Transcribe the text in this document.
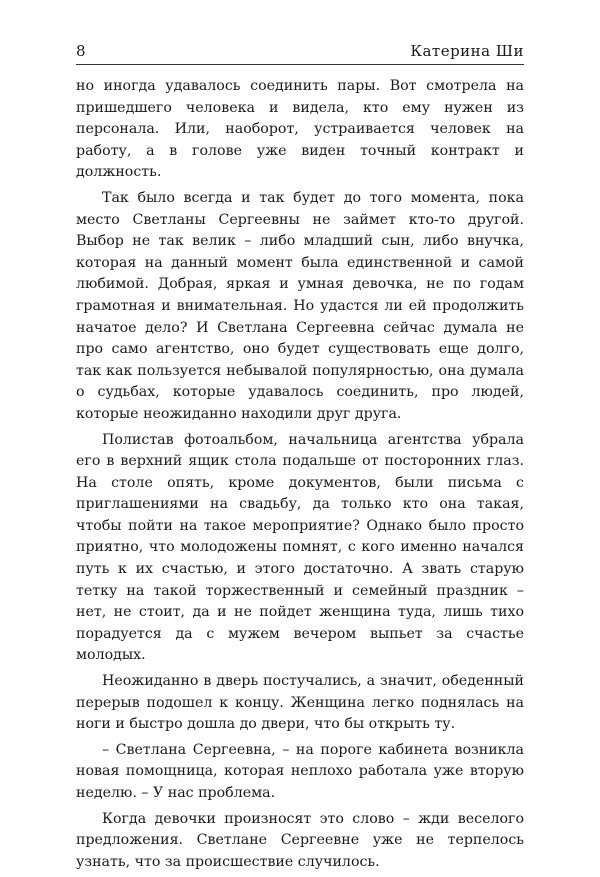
8	Катерина Ши

но иногда удавалось соединить пары. Вот смотрела на пришедшего человека и видела, кто ему нужен из персонала. Или, наоборот, устраивается человек на работу, а в голове уже виден точный контракт и должность.

Так было всегда и так будет до того момента, пока место Светланы Сергеевны не займет кто-то другой. Выбор не так велик – либо младший сын, либо внучка, которая на данный момент была единственной и самой любимой. Добрая, яркая и умная девочка, не по годам грамотная и внимательная. Но удастся ли ей продолжить начатое дело? И Светлана Сергеевна сейчас думала не про само агентство, оно будет существовать еще долго, так как пользуется небывалой популярностью, она думала о судьбах, которые удавалось соединить, про людей, которые неожиданно находили друг друга.

Полистав фотоальбом, начальница агентства убрала его в верхний ящик стола подальше от посторонних глаз. На столе опять, кроме документов, были письма с приглашениями на свадьбу, да только кто она такая, чтобы пойти на такое мероприятие? Однако было просто приятно, что молодожены помнят, с кого именно начался путь к их счастью, и этого достаточно. А звать старую тетку на такой торжественный и семейный праздник – нет, не стоит, да и не пойдет женщина туда, лишь тихо порадуется да с мужем вечером выпьет за счастье молодых.

Неожиданно в дверь постучались, а значит, обеденный перерыв подошел к концу. Женщина легко поднялась на ноги и быстро дошла до двери, что бы открыть ту.

– Светлана Сергеевна, – на пороге кабинета возникла новая помощница, которая неплохо работала уже вторую неделю. – У нас проблема.

Когда девочки произносят это слово – жди веселого предложения. Светлане Сергеевне уже не терпелось узнать, что за происшествие случилось.
